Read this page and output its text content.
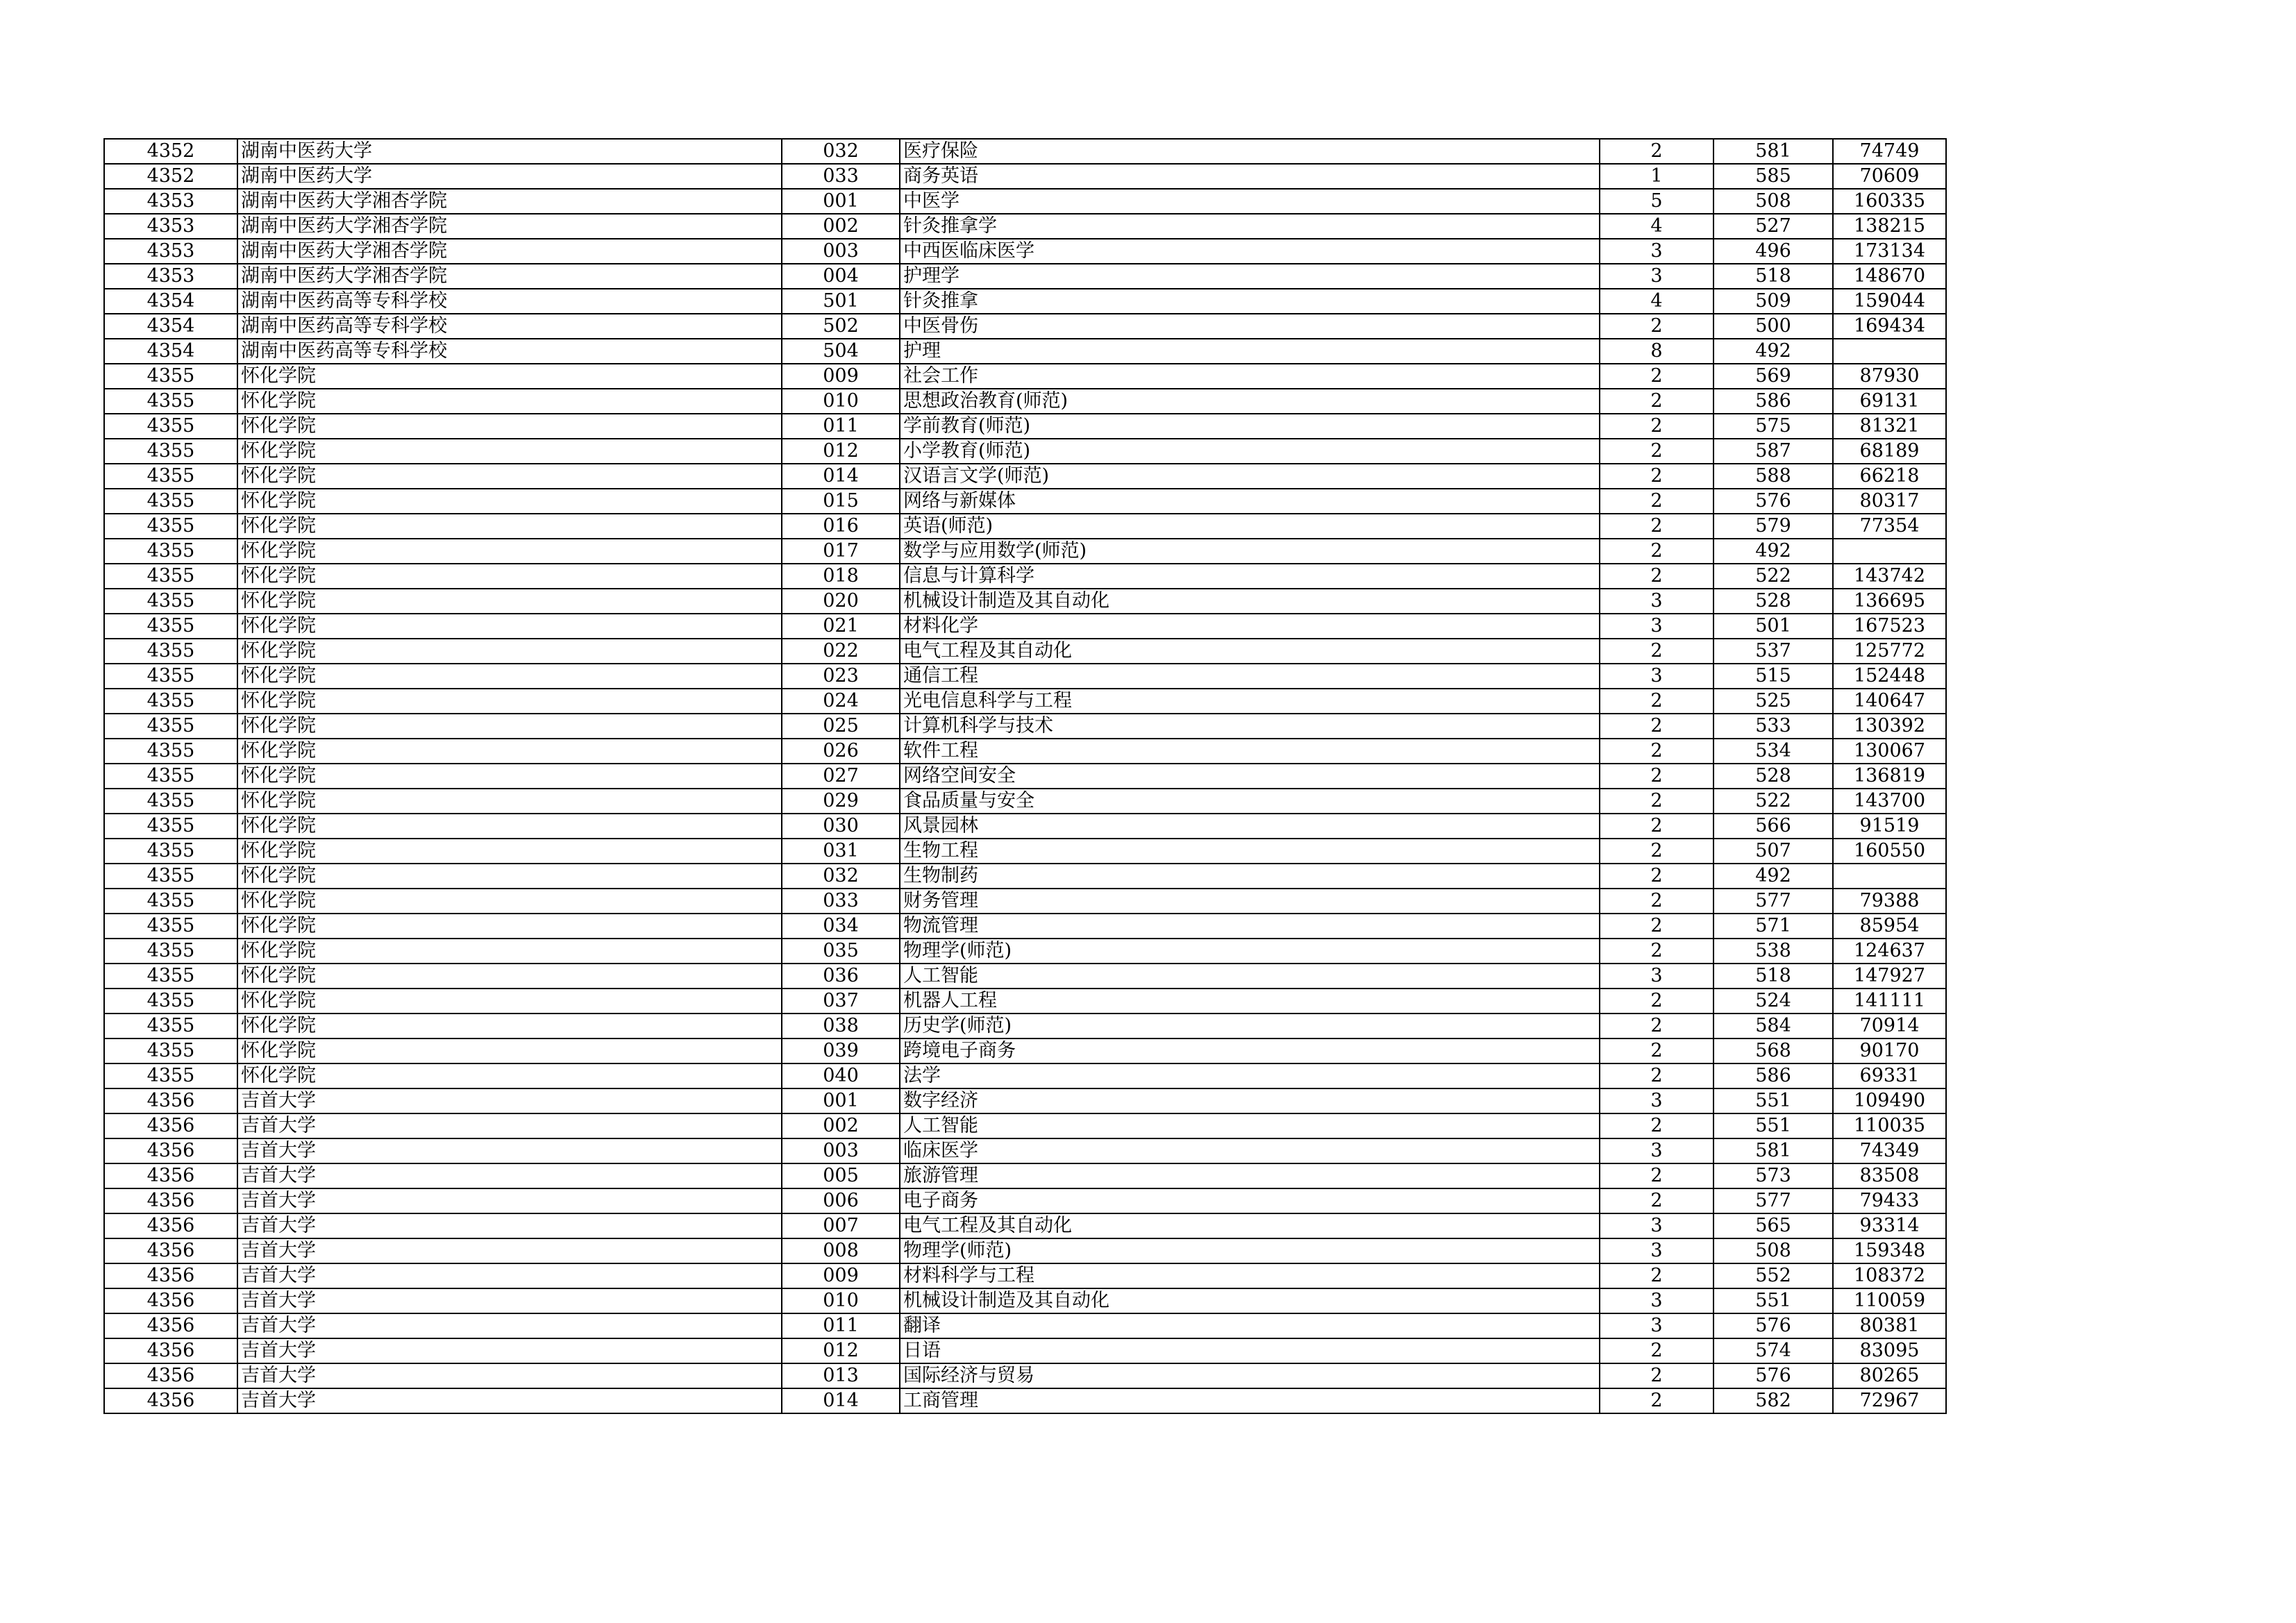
4352	湖南中医药大学	032	医疗保险	2	581	74749
4352	湖南中医药大学	033	商务英语	1	585	70609
4353	湖南中医药大学湘杏学院	001	中医学	5	508	160335
4353	湖南中医药大学湘杏学院	002	针灸推拿学	4	527	138215
4353	湖南中医药大学湘杏学院	003	中西医临床医学	3	496	173134
4353	湖南中医药大学湘杏学院	004	护理学	3	518	148670
4354	湖南中医药高等专科学校	501	针灸推拿	4	509	159044
4354	湖南中医药高等专科学校	502	中医骨伤	2	500	169434
4354	湖南中医药高等专科学校	504	护理	8	492	
4355	怀化学院	009	社会工作	2	569	87930
4355	怀化学院	010	思想政治教育(师范)	2	586	69131
4355	怀化学院	011	学前教育(师范)	2	575	81321
4355	怀化学院	012	小学教育(师范)	2	587	68189
4355	怀化学院	014	汉语言文学(师范)	2	588	66218
4355	怀化学院	015	网络与新媒体	2	576	80317
4355	怀化学院	016	英语(师范)	2	579	77354
4355	怀化学院	017	数学与应用数学(师范)	2	492	
4355	怀化学院	018	信息与计算科学	2	522	143742
4355	怀化学院	020	机械设计制造及其自动化	3	528	136695
4355	怀化学院	021	材料化学	3	501	167523
4355	怀化学院	022	电气工程及其自动化	2	537	125772
4355	怀化学院	023	通信工程	3	515	152448
4355	怀化学院	024	光电信息科学与工程	2	525	140647
4355	怀化学院	025	计算机科学与技术	2	533	130392
4355	怀化学院	026	软件工程	2	534	130067
4355	怀化学院	027	网络空间安全	2	528	136819
4355	怀化学院	029	食品质量与安全	2	522	143700
4355	怀化学院	030	风景园林	2	566	91519
4355	怀化学院	031	生物工程	2	507	160550
4355	怀化学院	032	生物制药	2	492	
4355	怀化学院	033	财务管理	2	577	79388
4355	怀化学院	034	物流管理	2	571	85954
4355	怀化学院	035	物理学(师范)	2	538	124637
4355	怀化学院	036	人工智能	3	518	147927
4355	怀化学院	037	机器人工程	2	524	141111
4355	怀化学院	038	历史学(师范)	2	584	70914
4355	怀化学院	039	跨境电子商务	2	568	90170
4355	怀化学院	040	法学	2	586	69331
4356	吉首大学	001	数字经济	3	551	109490
4356	吉首大学	002	人工智能	2	551	110035
4356	吉首大学	003	临床医学	3	581	74349
4356	吉首大学	005	旅游管理	2	573	83508
4356	吉首大学	006	电子商务	2	577	79433
4356	吉首大学	007	电气工程及其自动化	3	565	93314
4356	吉首大学	008	物理学(师范)	3	508	159348
4356	吉首大学	009	材料科学与工程	2	552	108372
4356	吉首大学	010	机械设计制造及其自动化	3	551	110059
4356	吉首大学	011	翻译	3	576	80381
4356	吉首大学	012	日语	2	574	83095
4356	吉首大学	013	国际经济与贸易	2	576	80265
4356	吉首大学	014	工商管理	2	582	72967
